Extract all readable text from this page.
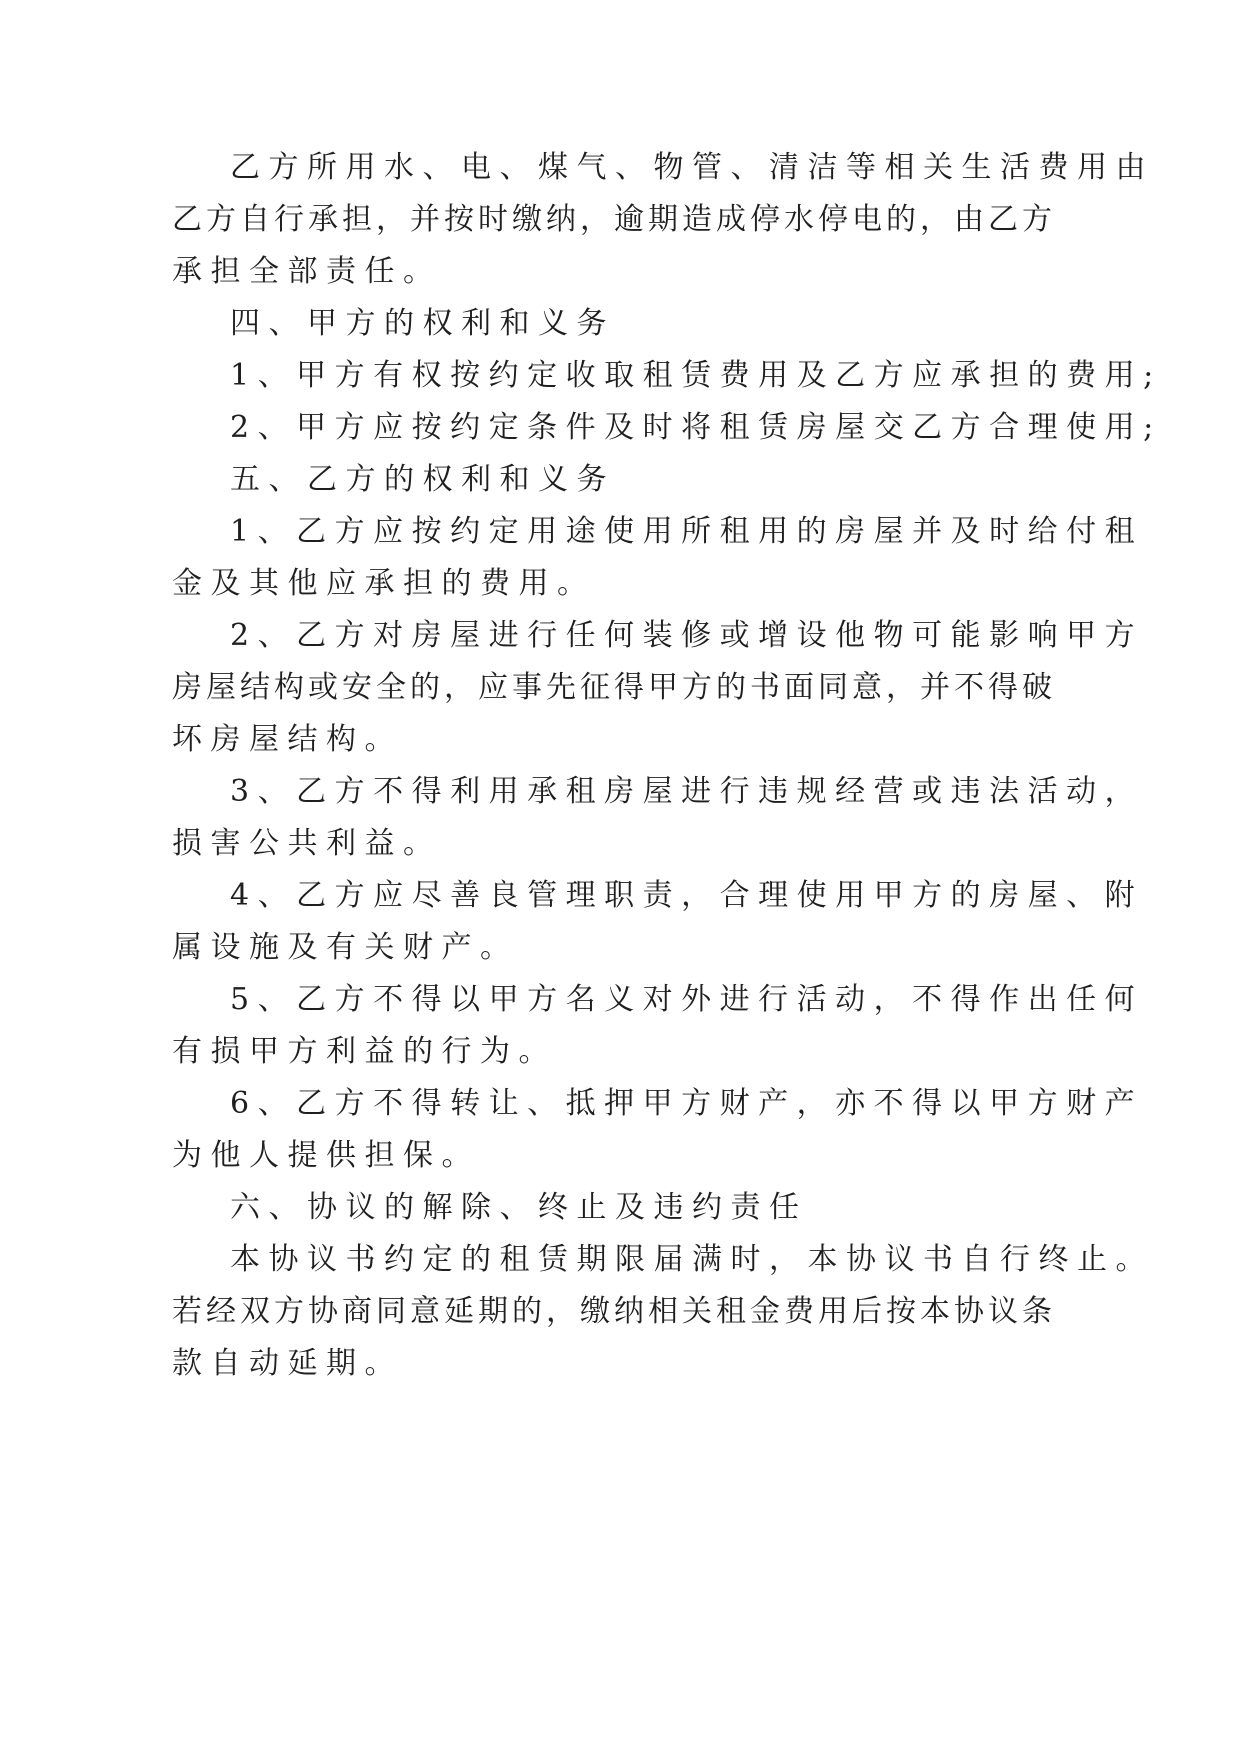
乙方所用水、电、煤气、物管、清洁等相关生活费用由
乙方自行承担，并按时缴纳，逾期造成停水停电的，由乙方
承担全部责任。
四、甲方的权利和义务
1、甲方有权按约定收取租赁费用及乙方应承担的费用;
2、甲方应按约定条件及时将租赁房屋交乙方合理使用;
五、乙方的权利和义务
1、乙方应按约定用途使用所租用的房屋并及时给付租
金及其他应承担的费用。
2、乙方对房屋进行任何装修或增设他物可能影响甲方
房屋结构或安全的，应事先征得甲方的书面同意，并不得破
坏房屋结构。
3、乙方不得利用承租房屋进行违规经营或违法活动，
损害公共利益。
4、乙方应尽善良管理职责，合理使用甲方的房屋、附
属设施及有关财产。
5、乙方不得以甲方名义对外进行活动，不得作出任何
有损甲方利益的行为。
6、乙方不得转让、抵押甲方财产，亦不得以甲方财产
为他人提供担保。
六、协议的解除、终止及违约责任
本协议书约定的租赁期限届满时，本协议书自行终止。
若经双方协商同意延期的，缴纳相关租金费用后按本协议条
款自动延期。
